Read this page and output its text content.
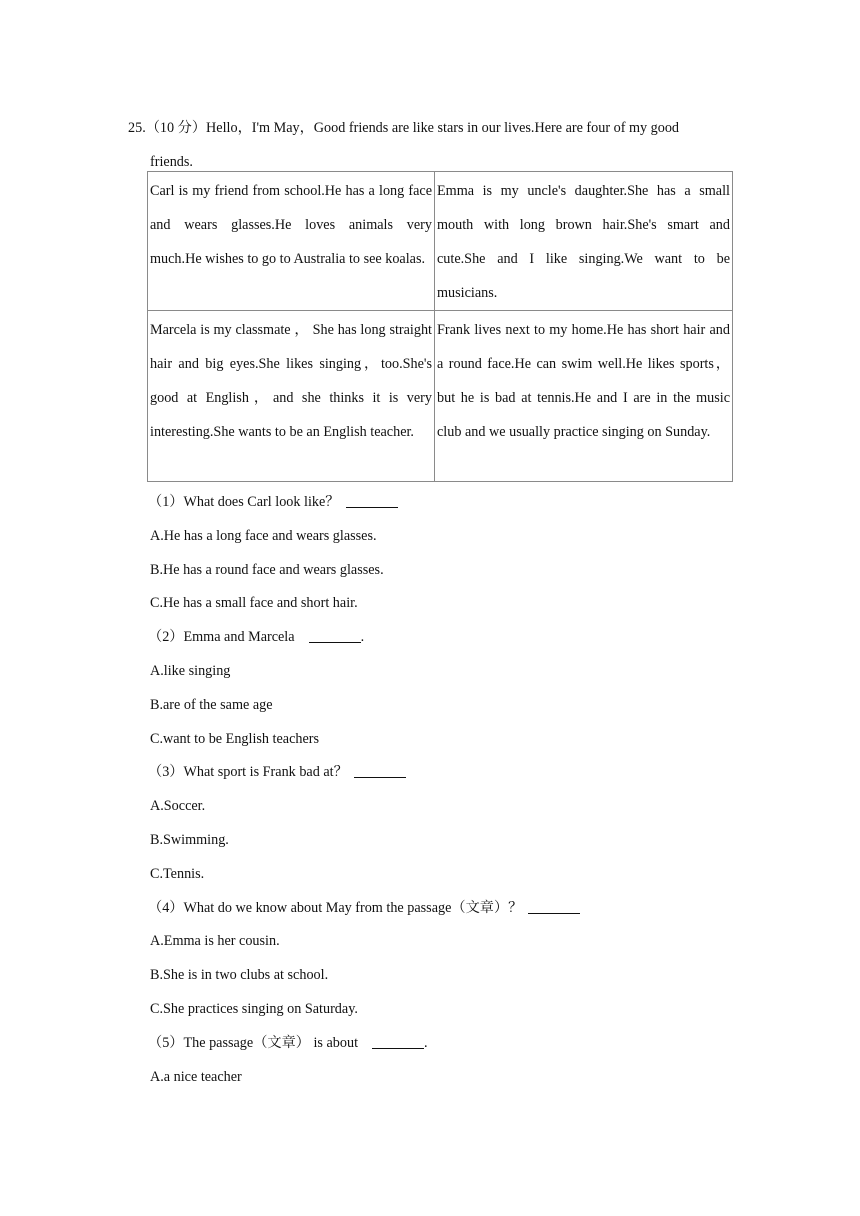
25.（10 分）Hello，I'm May，Good friends are like stars in our lives.Here are four of my good
friends.
Carl is my friend from school.He has a long face and wears glasses.He loves animals very much.He wishes to go to Australia to see koalas.	Emma is my uncle's daughter.She has a small mouth with long brown hair.She's smart and cute.She and I like singing.We want to be musicians.
Marcela is my classmate ， She has long straight hair and big eyes.She likes singing，too.She's good at English，and she thinks it is very interesting.She wants to be an English teacher.	Frank lives next to my home.He has short hair and a round face.He can swim well.He likes sports，but he is bad at tennis.He and I are in the music club and we usually practice singing on Sunday.
（1）What does Carl look like？
A.He has a long face and wears glasses.
B.He has a round face and wears glasses.
C.He has a small face and short hair.
（2）Emma and Marcela	.
A.like singing
B.are of the same age
C.want to be English teachers
（3）What sport is Frank bad at？
A.Soccer.
B.Swimming.
C.Tennis.
（4）What do we know about May from the passage（文章）？
A.Emma is her cousin.
B.She is in two clubs at school.
C.She practices singing on Saturday.
（5）The passage（文章） is about	.
A.a nice teacher
